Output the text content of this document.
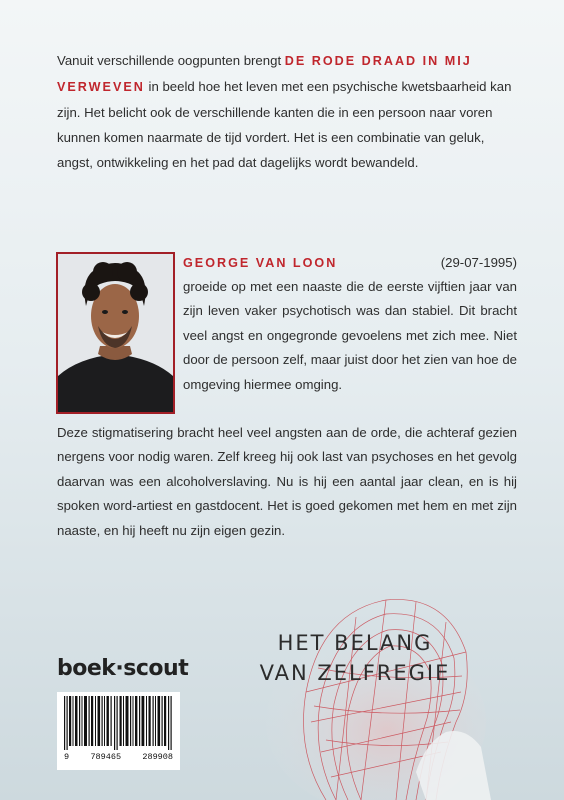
Vanuit verschillende oogpunten brengt DE RODE DRAAD IN MIJ VERWEVEN in beeld hoe het leven met een psychische kwetsbaarheid kan zijn. Het belicht ook de verschillende kanten die in een persoon naar voren kunnen komen naarmate de tijd vordert. Het is een combinatie van geluk, angst, ontwikkeling en het pad dat dagelijks wordt bewandeld.
GEORGE VAN LOON	(29-07-1995)
groeide op met een naaste die de eerste vijftien jaar van zijn leven vaker psychotisch was dan stabiel. Dit bracht veel angst en ongegronde gevoelens met zich mee. Niet door de persoon zelf, maar juist door het zien van hoe de omgeving hiermee omging.
Deze stigmatisering bracht heel veel angsten aan de orde, die achteraf gezien nergens voor nodig waren. Zelf kreeg hij ook last van psychoses en het gevolg daarvan was een alcoholverslaving. Nu is hij een aantal jaar clean, en is hij spoken word-artiest en gastdocent. Het is goed gekomen met hem en met zijn naaste, en hij heeft nu zijn eigen gezin.
HET BELANG
VAN ZELFREGIE
boek·scout
9	789465	289908
